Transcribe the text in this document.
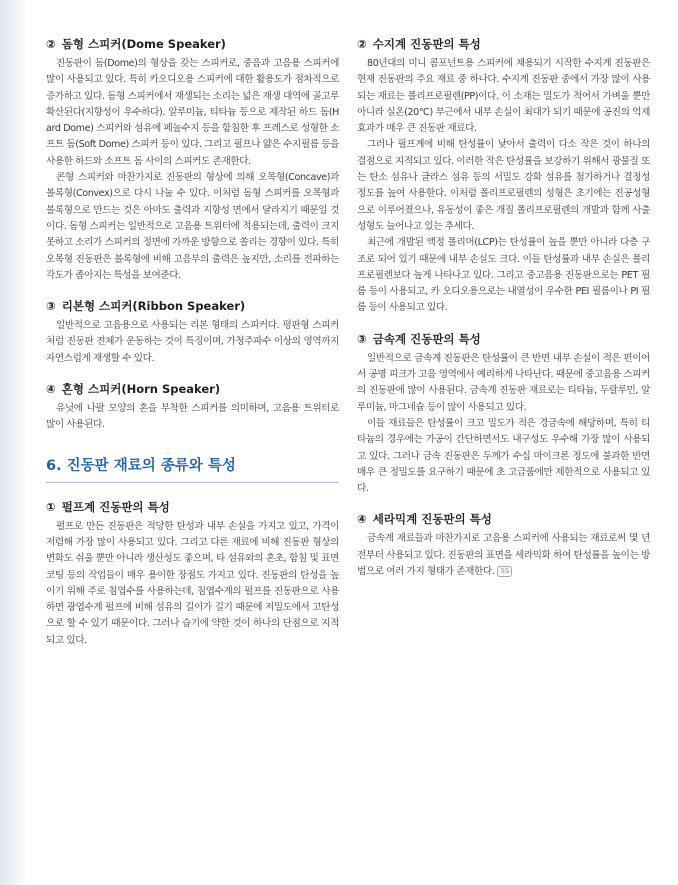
② 돔형 스피커(Dome Speaker)

진동판이 돔(Dome)의 형상을 갖는 스피커로, 중음과 고음용 스피커에 많이 사용되고 있다. 특히 카오디오용 스피커에 대한 활용도가 점차적으로 증가하고 있다. 돔형 스피커에서 재생되는 소리는 넓은 재생 대역에 골고루 확산된다(지향성이 우수하다). 알루미늄, 티타늄 등으로 제작된 하드 돔(Hard Dome) 스피커와 섬유에 페놀수지 등을 함침한 후 프레스로 성형한 소프트 돔(Soft Dome) 스피커 등이 있다. 그리고 필프나 얇은 수지필름 등을 사용한 하드와 소프트 돔 사이의 스피커도 존재한다.

콘형 스피커와 마찬가지로 진동판의 형상에 의해 오목형(Concave)과 볼록형(Convex)으로 다시 나눌 수 있다. 이처럼 돔형 스피커를 오목형과 볼록형으로 만드는 것은 아마도 출력과 지향성 면에서 달라지기 때문일 것이다. 돔형 스피커는 일반적으로 고음용 트위터에 적용되는데, 출력이 크지 못하고 소리가 스피커의 정면에 가까운 방향으로 쏠리는 경향이 있다. 특히 오목형 진동판은 볼록형에 비해 고음부의 출력은 높지만, 소리를 전파하는 각도가 좁아지는 특성을 보여준다.

③ 리본형 스피커(Ribbon Speaker)

일반적으로 고음용으로 사용되는 리본 형태의 스피커다. 평판형 스피커처럼 진동판 전체가 운동하는 것이 특징이며, 가청주파수 이상의 영역까지 자연스럽게 재생할 수 있다.

④ 혼형 스피커(Horn Speaker)

유닛에 나팔 모양의 혼을 부착한 스피커를 의미하며, 고음용 트위터로 많이 사용된다.

6. 진동판 재료의 종류와 특성
① 펄프계 진동판의 특성

펄프로 만든 진동판은 적당한 탄성과 내부 손실을 가지고 있고, 가격이 저렴해 가장 많이 사용되고 있다. 그리고 다른 재료에 비해 진동판 형상의 변화도 쉬울 뿐만 아니라 생산성도 좋으며, 타 섬유와의 혼초, 함침 및 표면 코팅 등의 작업들이 매우 용이한 장점도 가지고 있다. 진동판의 탄성을 높이기 위해 주로 침엽수를 사용하는데, 침엽수계의 펄프를 진동판으로 사용하면 광엽수계 펄프에 비해 섬유의 길이가 길기 때문에 저밀도에서 고탄성으로 할 수 있기 때문이다. 그러나 습기에 약한 것이 하나의 단점으로 지적되고 있다.

② 수지계 진동판의 특성

80년대의 미니 콤포넌트용 스피커에 채용되기 시작한 수지계 진동판은 현재 진동판의 주요 재료 중 하나다. 수지계 진동판 중에서 가장 많이 사용되는 재료는 폴리프로필렌(PP)이다. 이 소재는 밀도가 적어서 가벼울 뿐만 아니라 실온(20℃) 부근에서 내부 손실이 최대가 되기 때문에 공진의 억제효과가 매우 큰 진동판 재료다.

그러나 필프계에 비해 탄성률이 낮아서 출력이 다소 작은 것이 하나의 결점으로 지적되고 있다. 이러한 작은 탄성률을 보강하기 위해서 광물질 또는 탄소 섬유나 글라스 섬유 등의 서밀도 강화 섬유를 첨가하거나 결정성 정도를 높여 사용한다. 이처럼 폴리프로필렌의 성형은 초기에는 진공성형으로 이루어졌으나, 유동성이 좋은 개질 폴리프로필렌의 개발과 함께 사출성형도 늘어나고 있는 추세다.

최근에 개발된 액정 폴리머(LCP)는 탄성률이 높을 뿐만 아니라 다층 구조로 되어 있기 때문에 내부 손실도 크다. 이들 탄성률과 내부 손실은 폴리프로필렌보다 높게 나타나고 있다. 그리고 중고음용 진동판으로는 PET 필름 등이 사용되고, 카 오디오용으로는 내열성이 우수한 PEI 필름이나 PI 필름 등이 사용되고 있다.

③ 금속계 진동판의 특성

일반적으로 금속계 진동판은 탄성률이 큰 반면 내부 손실이 적은 편이어서 공명 피크가 고음 영역에서 예리하게 나타난다. 때문에 중고음용 스피커의 진동판에 많이 사용된다. 금속계 진동판 재료로는 티타늄, 두랄루민, 알루미늄, 마그네슘 등이 많이 사용되고 있다.

이들 재료들은 탄성률이 크고 밀도가 적은 경금속에 해당하며, 특히 티타늄의 경우에는 가공이 간단하면서도 내구성도 우수해 가장 많이 사용되고 있다. 그러나 금속 진동판은 두께가 수십 마이크론 정도에 불과한 반면 매우 큰 정밀도를 요구하기 때문에 초 고급품에만 제한적으로 사용되고 있다.

④ 세라믹계 진동판의 특성

금속계 재료들과 마찬가지로 고음용 스피커에 사용되는 재료로써 몇 년 전부터 사용되고 있다. 진동판의 표면을 세라믹화 하여 탄성률을 높이는 방법으로 여러 가지 형태가 존재한다. SS
